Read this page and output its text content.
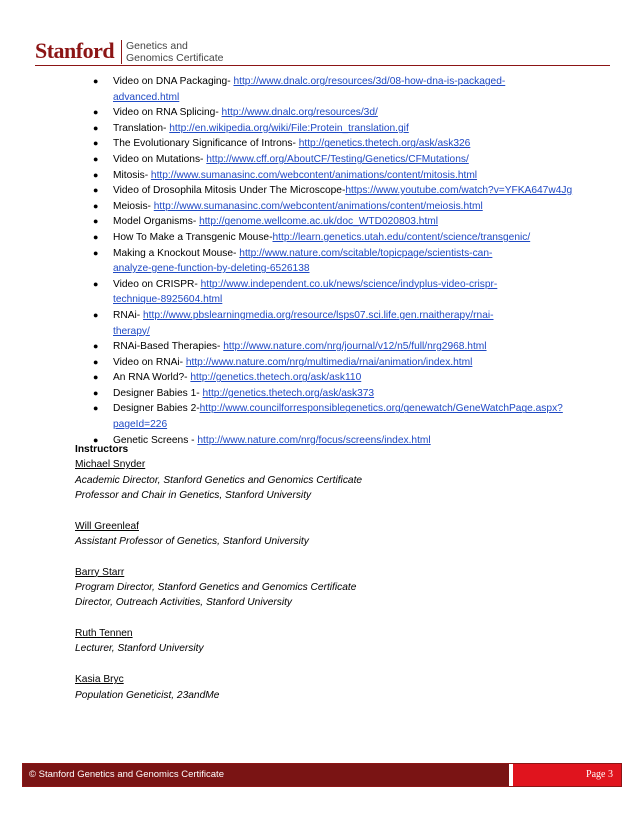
Stanford Genetics and
Genomics Certificate
● Video on DNA Packaging- http://www.dnalc.org/resources/3d/08-how-dna-is-packaged-
advanced.html
● Video on RNA Splicing- http://www.dnalc.org/resources/3d/
● Translation- http://en.wikipedia.org/wiki/File:Protein_translation.gif
● The Evolutionary Significance of Introns- http://genetics.thetech.org/ask/ask326
● Video on Mutations- http://www.cff.org/AboutCF/Testing/Genetics/CFMutations/
● Mitosis- http://www.sumanasinc.com/webcontent/animations/content/mitosis.html
● Video of Drosophila Mitosis Under The Microscope-https://www.youtube.com/watch?v=YFKA647w4Jg
● Meiosis- http://www.sumanasinc.com/webcontent/animations/content/meiosis.html
● Model Organisms- http://genome.wellcome.ac.uk/doc_WTD020803.html
● How To Make a Transgenic Mouse-http://learn.genetics.utah.edu/content/science/transgenic/
● Making a Knockout Mouse- http://www.nature.com/scitable/topicpage/scientists-can-
analyze-gene-function-by-deleting-6526138
● Video on CRISPR- http://www.independent.co.uk/news/science/indyplus-video-crispr-
technique-8925604.html
● RNAi- http://www.pbslearningmedia.org/resource/lsps07.sci.life.gen.rnaitherapy/rnai-
therapy/
● RNAi-Based Therapies- http://www.nature.com/nrg/journal/v12/n5/full/nrg2968.html
● Video on RNAi- http://www.nature.com/nrg/multimedia/rnai/animation/index.html
● An RNA World?- http://genetics.thetech.org/ask/ask110
● Designer Babies 1- http://genetics.thetech.org/ask/ask373
● Designer Babies 2-http://www.councilforresponsiblegenetics.org/genewatch/GeneWatchPage.aspx?pageId=226
● Genetic Screens - http://www.nature.com/nrg/focus/screens/index.html
Instructors
Michael Snyder
Academic Director, Stanford Genetics and Genomics Certificate
Professor and Chair in Genetics, Stanford University
Will Greenleaf
Assistant Professor of Genetics, Stanford University
Barry Starr
Program Director, Stanford Genetics and Genomics Certificate
Director, Outreach Activities, Stanford University
Ruth Tennen
Lecturer, Stanford University
Kasia Bryc
Population Geneticist, 23andMe
© Stanford Genetics and Genomics Certificate	Page 3
